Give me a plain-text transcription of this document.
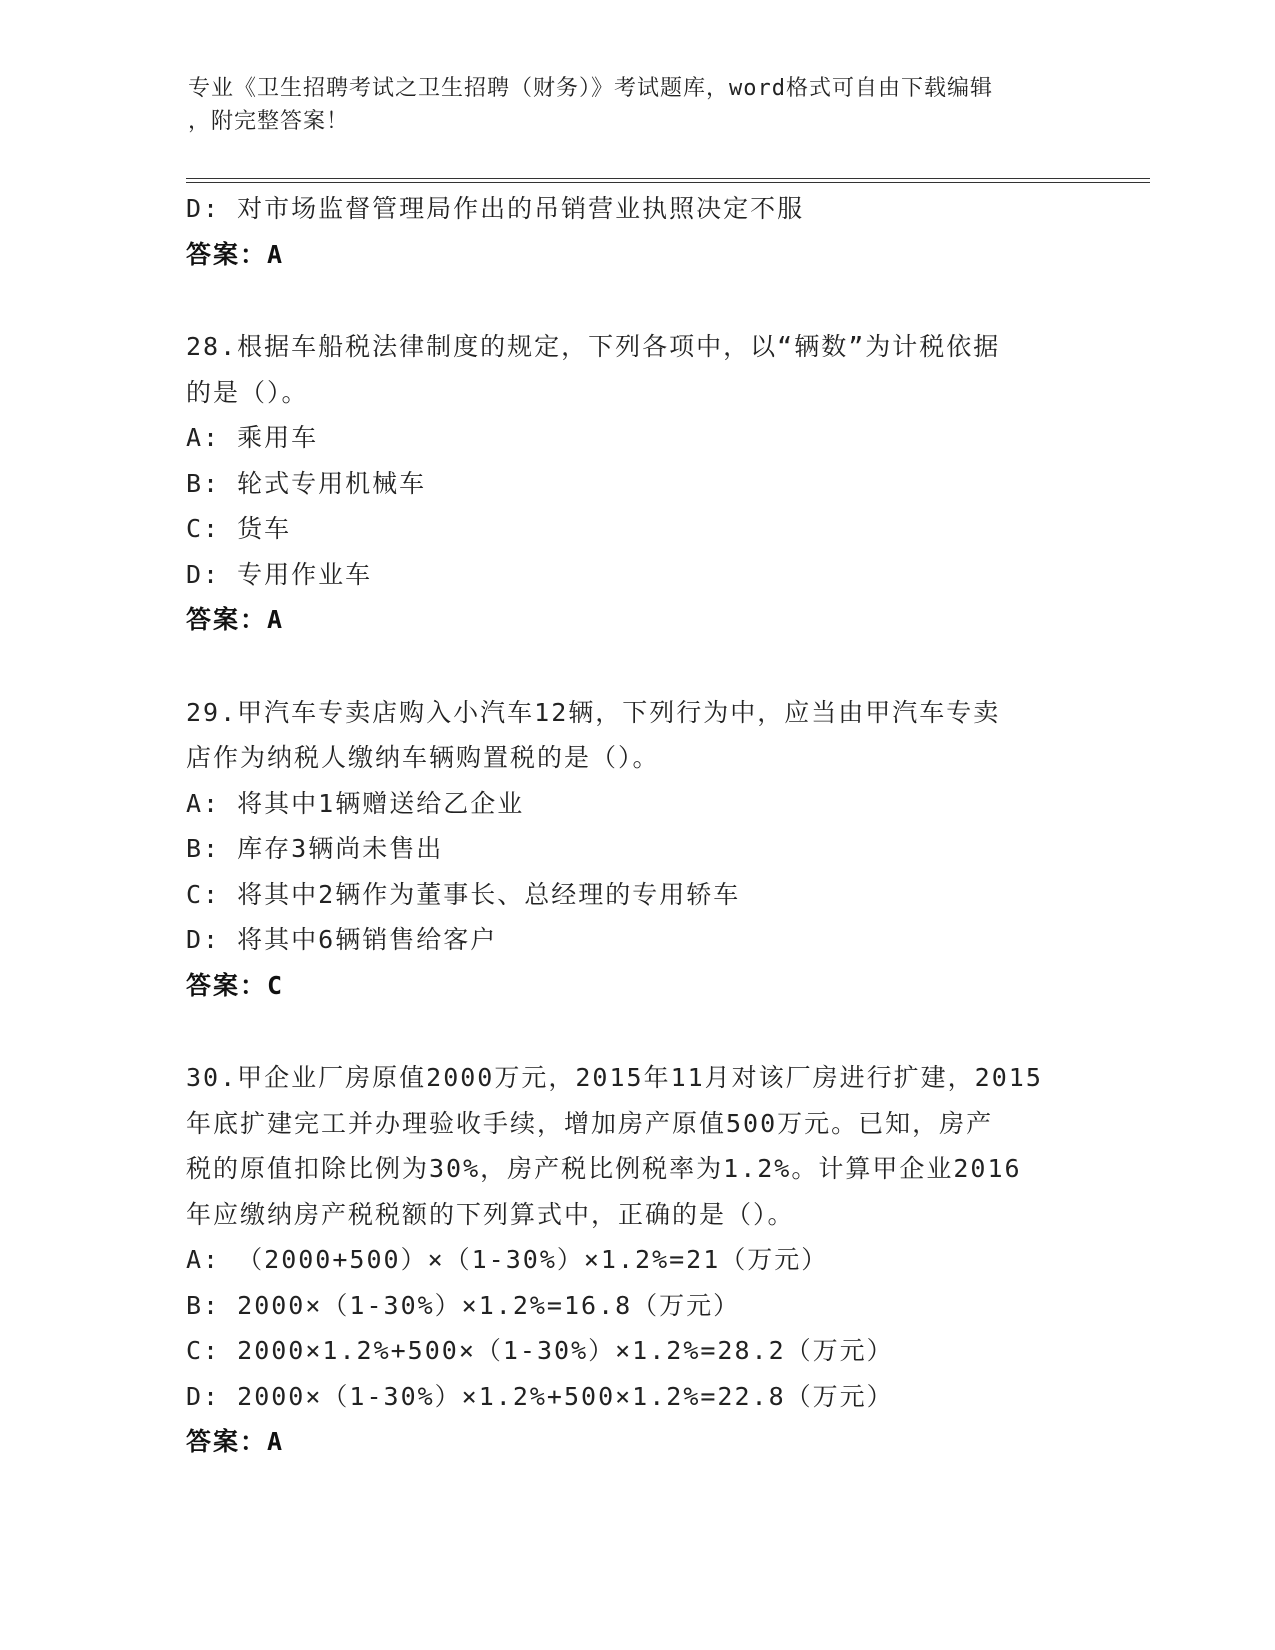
专业《卫生招聘考试之卫生招聘（财务）》考试题库，word格式可自由下载编辑
，附完整答案！
D: 对市场监督管理局作出的吊销营业执照决定不服
答案：A
28.根据车船税法律制度的规定，下列各项中，以“辆数”为计税依据
的是（）。
A: 乘用车
B: 轮式专用机械车
C: 货车
D: 专用作业车
答案：A
29.甲汽车专卖店购入小汽车12辆，下列行为中，应当由甲汽车专卖
店作为纳税人缴纳车辆购置税的是（）。
A: 将其中1辆赠送给乙企业
B: 库存3辆尚未售出
C: 将其中2辆作为董事长、总经理的专用轿车
D: 将其中6辆销售给客户
答案：C
30.甲企业厂房原值2000万元，2015年11月对该厂房进行扩建，2015
年底扩建完工并办理验收手续，增加房产原值500万元。已知，房产
税的原值扣除比例为30%，房产税比例税率为1.2%。计算甲企业2016
年应缴纳房产税税额的下列算式中，正确的是（）。
A: （2000+500）×（1-30%）×1.2%=21（万元）
B: 2000×（1-30%）×1.2%=16.8（万元）
C: 2000×1.2%+500×（1-30%）×1.2%=28.2（万元）
D: 2000×（1-30%）×1.2%+500×1.2%=22.8（万元）
答案：A
